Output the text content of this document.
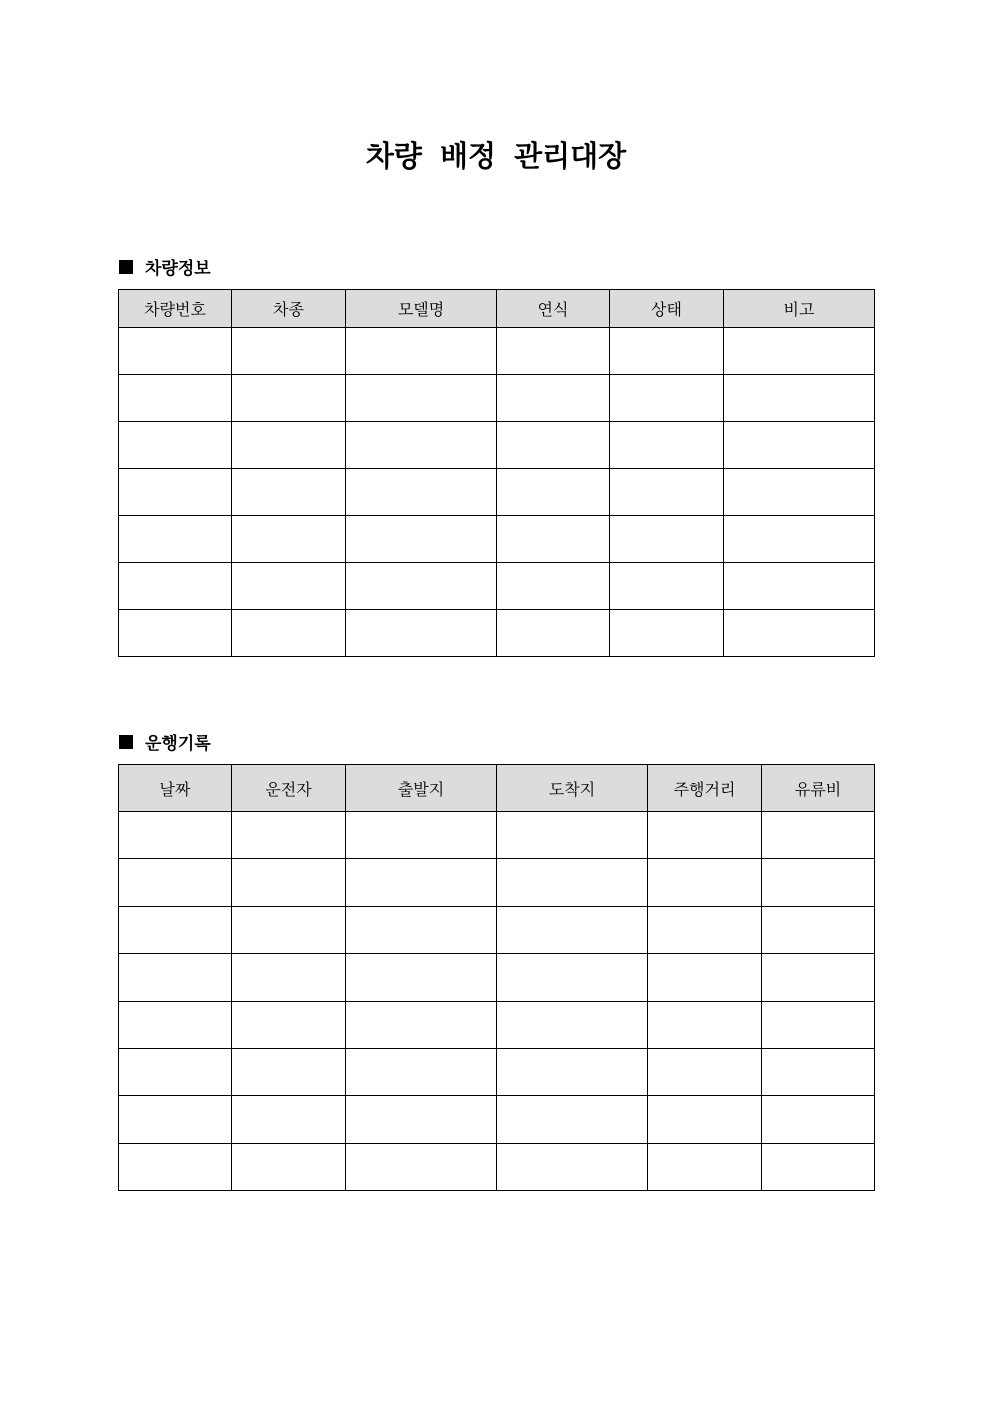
차량 배정 관리대장
차량정보
차량번호	차종	모델명	연식	상태	비고

운행기록
날짜	운전자	출발지	도착지	주행거리	유류비
